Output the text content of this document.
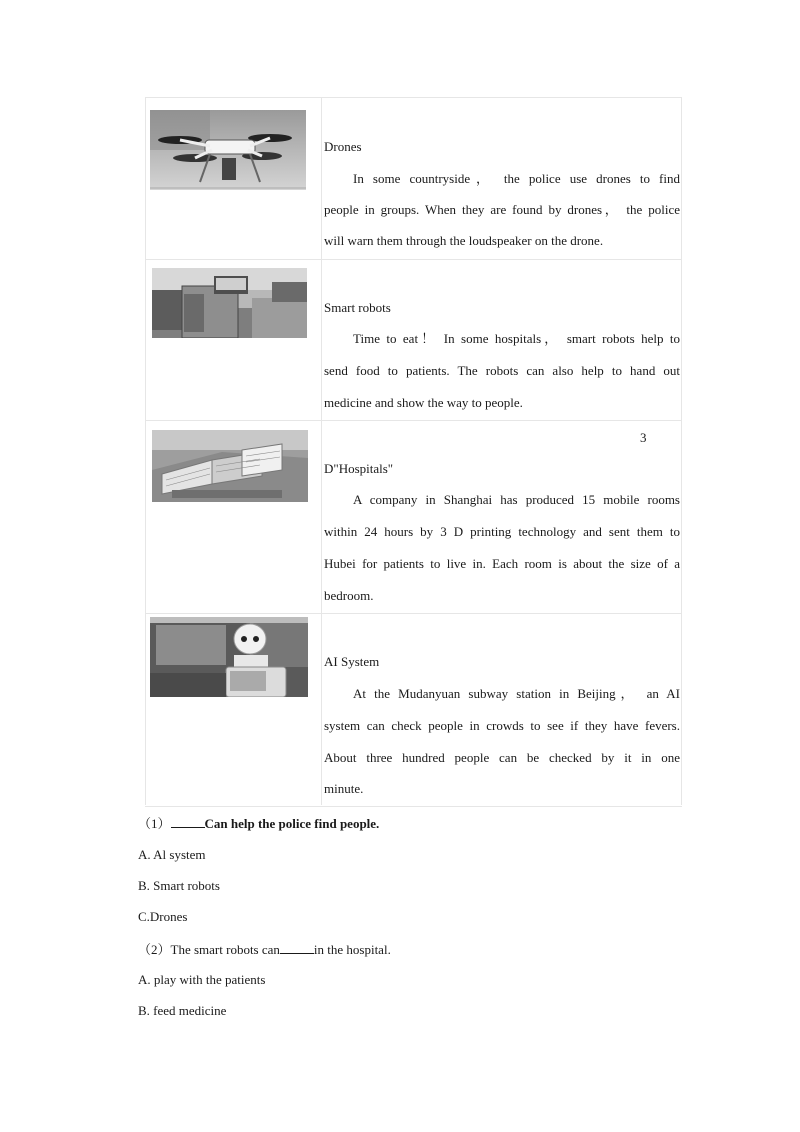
Drones
In some countryside， the police use drones to find
people in groups. When they are found by drones， the police
will warn them through the loudspeaker on the drone.
Smart robots
Time to eat！ In some hospitals， smart robots help to
send food to patients. The robots can also help to hand out
medicine and show the way to people.
3
D"Hospitals"
A company in Shanghai has produced 15 mobile rooms
within 24 hours by 3 D printing technology and sent them to
Hubei for patients to live in. Each room is about the size of a
bedroom.
AI System
At the Mudanyuan subway station in Beijing， an AI
system can check people in crowds to see if they have fevers.
About three hundred people can be checked by it in one
minute.
（1）	Can help the police find people.
A. Al system
B. Smart robots
C.Drones
（2）The smart robots can	in the hospital.
A. play with the patients
B. feed medicine
